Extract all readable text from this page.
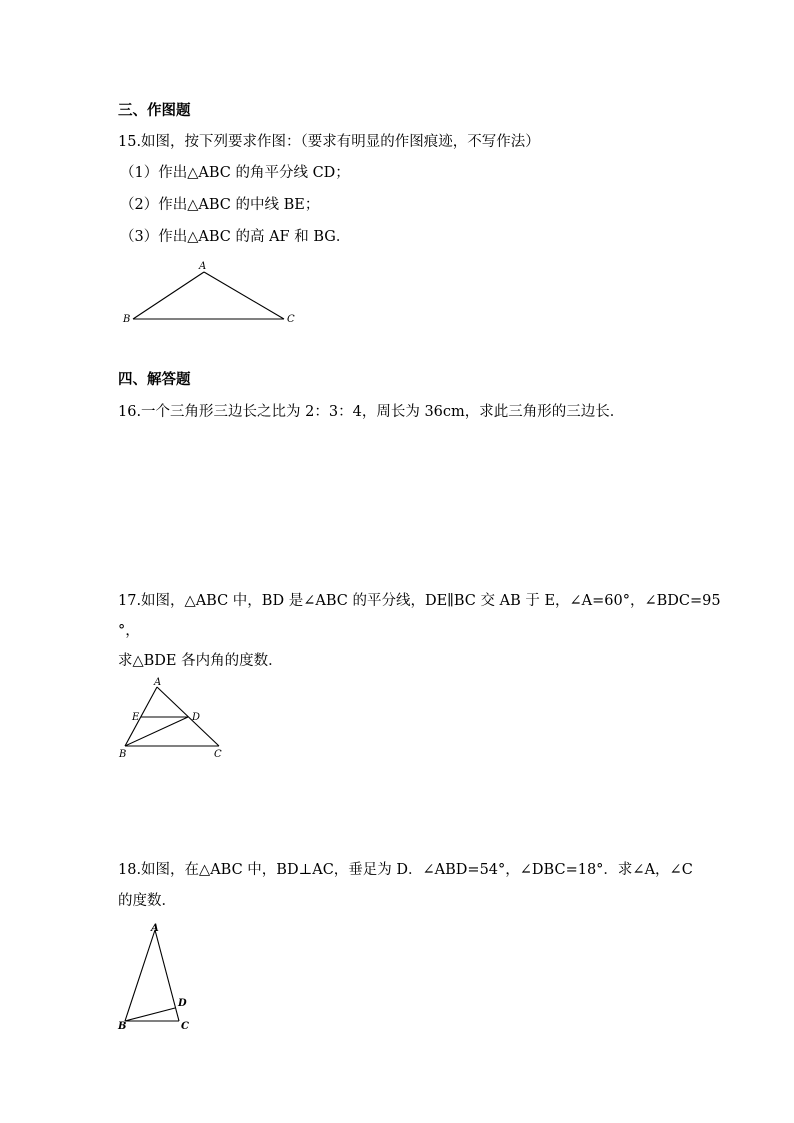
三、作图题
15.如图，按下列要求作图：（要求有明显的作图痕迹，不写作法）
（1）作出△ABC 的角平分线 CD；
（2）作出△ABC 的中线 BE；
（3）作出△ABC 的高 AF 和 BG．
A
B	C
四、解答题
16.一个三角形三边长之比为 2：3：4，周长为 36cm，求此三角形的三边长．
17.如图，△ABC 中，BD 是∠ABC 的平分线，DE∥BC 交 AB 于 E，∠A=60°，∠BDC=95
°，
求△BDE 各内角的度数．
A
E	D
B	C
18.如图，在△ABC 中，BD⊥AC，垂足为 D．∠ABD=54°，∠DBC=18°．求∠A，∠C
的度数．
A
D
B	C
